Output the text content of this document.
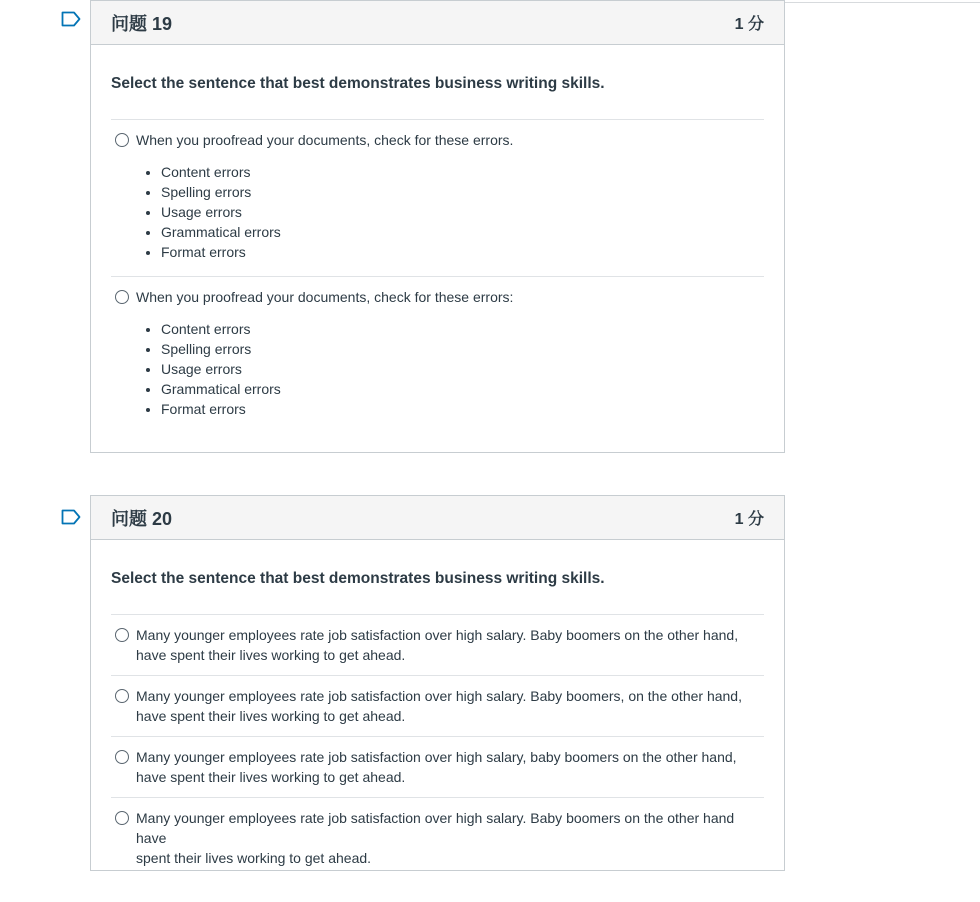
问题 19	1 分
Select the sentence that best demonstrates business writing skills.
When you proofread your documents, check for these errors.
• Content errors
• Spelling errors
• Usage errors
• Grammatical errors
• Format errors
When you proofread your documents, check for these errors:
• Content errors
• Spelling errors
• Usage errors
• Grammatical errors
• Format errors
问题 20	1 分
Select the sentence that best demonstrates business writing skills.
Many younger employees rate job satisfaction over high salary. Baby boomers on the other hand,
have spent their lives working to get ahead.
Many younger employees rate job satisfaction over high salary. Baby boomers, on the other hand,
have spent their lives working to get ahead.
Many younger employees rate job satisfaction over high salary, baby boomers on the other hand,
have spent their lives working to get ahead.
Many younger employees rate job satisfaction over high salary. Baby boomers on the other hand have
spent their lives working to get ahead.
